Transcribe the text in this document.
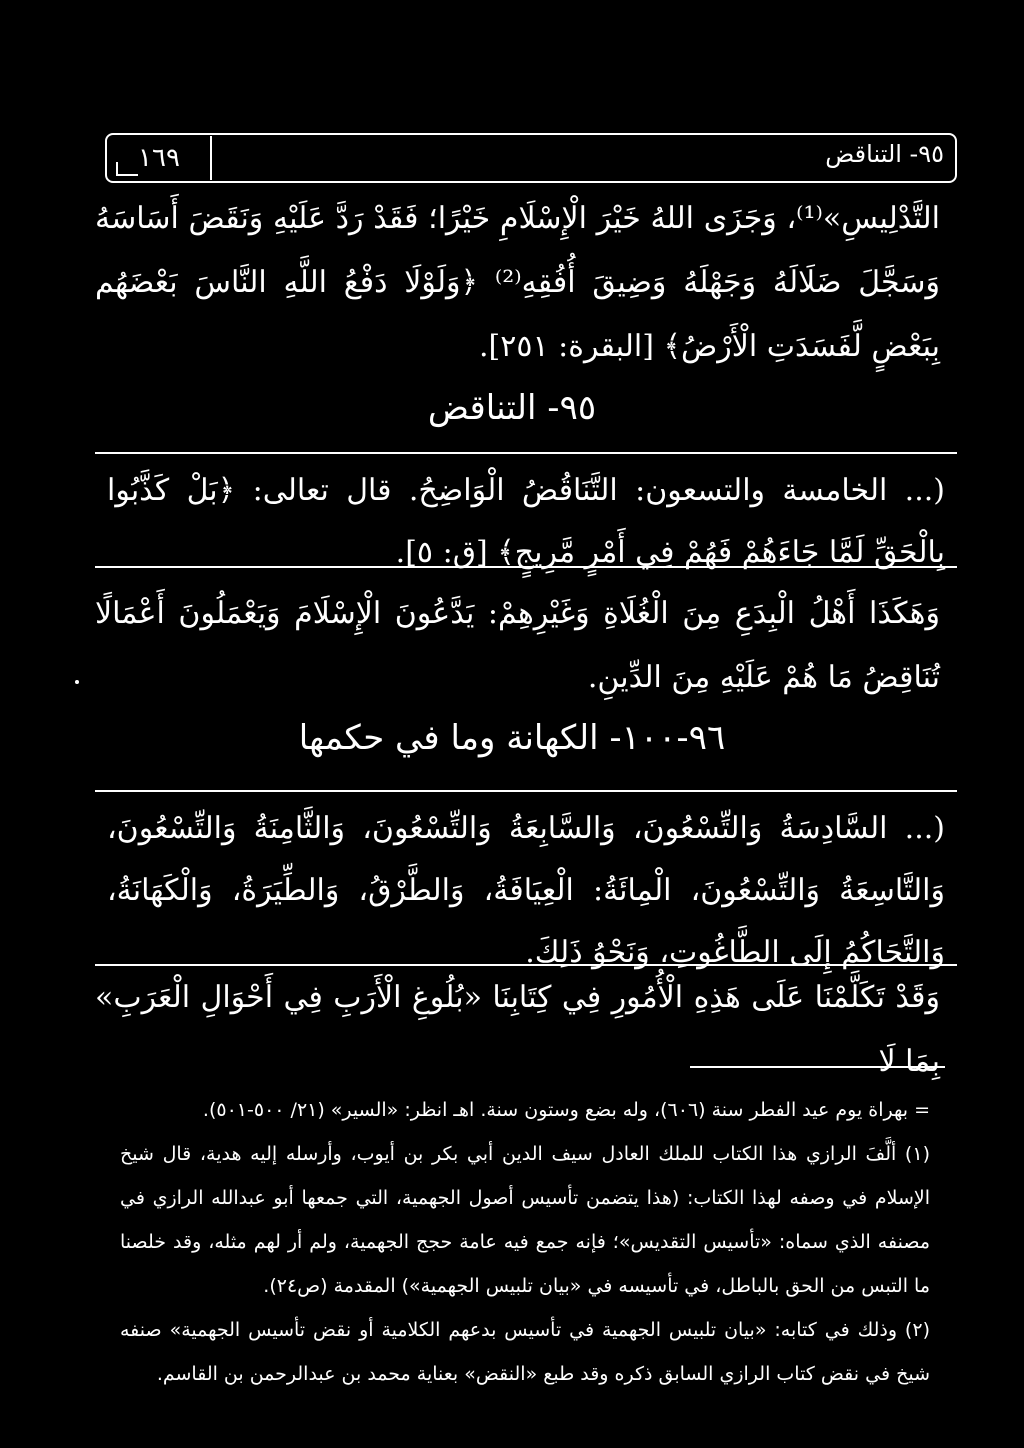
١٦٩	٩٥- التناقض
التَّدْلِيسِ»⁽¹⁾، وَجَزَى اللهُ خَيْرَ الْإِسْلَامِ خَيْرًا؛ فَقَدْ رَدَّ عَلَيْهِ وَنَقَضَ أَسَاسَهُ وَسَجَّلَ ضَلَالَهُ وَجَهْلَهُ وَضِيقَ أُفُقِهِ⁽²⁾ ﴿وَلَوْلَا دَفْعُ اللَّهِ النَّاسَ بَعْضَهُم بِبَعْضٍ لَّفَسَدَتِ الْأَرْضُ﴾ [البقرة: ٢٥١].
٩٥- التناقض
(... الخامسة والتسعون: التَّنَاقُضُ الْوَاضِحُ. قال تعالى: ﴿بَلْ كَذَّبُوا بِالْحَقِّ لَمَّا جَاءَهُمْ فَهُمْ فِي أَمْرٍ مَّرِيجٍ﴾ [ق: ٥].
وَهَكَذَا أَهْلُ الْبِدَعِ مِنَ الْغُلَاةِ وَغَيْرِهِمْ: يَدَّعُونَ الْإِسْلَامَ وَيَعْمَلُونَ أَعْمَالًا تُنَاقِضُ مَا هُمْ عَلَيْهِ مِنَ الدِّينِ.
٩٦-١٠٠- الكهانة وما في حكمها
(... السَّادِسَةُ وَالتِّسْعُونَ، وَالسَّابِعَةُ وَالتِّسْعُونَ، وَالثَّامِنَةُ وَالتِّسْعُونَ، وَالتَّاسِعَةُ وَالتِّسْعُونَ، الْمِائَةُ: الْعِيَافَةُ، وَالطَّرْقُ، وَالطِّيَرَةُ، وَالْكَهَانَةُ، وَالتَّحَاكُمُ إِلَى الطَّاغُوتِ، وَنَحْوُ ذَلِكَ.
وَقَدْ تَكَلَّمْنَا عَلَى هَذِهِ الْأُمُورِ فِي كِتَابِنَا «بُلُوغِ الْأَرَبِ فِي أَحْوَالِ الْعَرَبِ» بِمَا لَا

= بهراة يوم عيد الفطر سنة (٦٠٦)، وله بضع وستون سنة. اهـ انظر: «السير» (٢١/ ٥٠٠-٥٠١).

(١) ألَّفَ الرازي هذا الكتاب للملك العادل سيف الدين أبي بكر بن أيوب، وأرسله إليه هدية، قال شيخ الإسلام في وصفه لهذا الكتاب: (هذا يتضمن تأسيس أصول الجهمية، التي جمعها أبو عبدالله الرازي في مصنفه الذي سماه: «تأسيس التقديس»؛ فإنه جمع فيه عامة حجج الجهمية، ولم أر لهم مثله، وقد خلصنا ما التبس من الحق بالباطل، في تأسيسه في «بيان تلبيس الجهمية») المقدمة (ص٢٤).

(٢) وذلك في كتابه: «بيان تلبيس الجهمية في تأسيس بدعهم الكلامية أو نقض تأسيس الجهمية» صنفه شيخ في نقض كتاب الرازي السابق ذكره وقد طبع «النقض» بعناية محمد بن عبدالرحمن بن القاسم.
